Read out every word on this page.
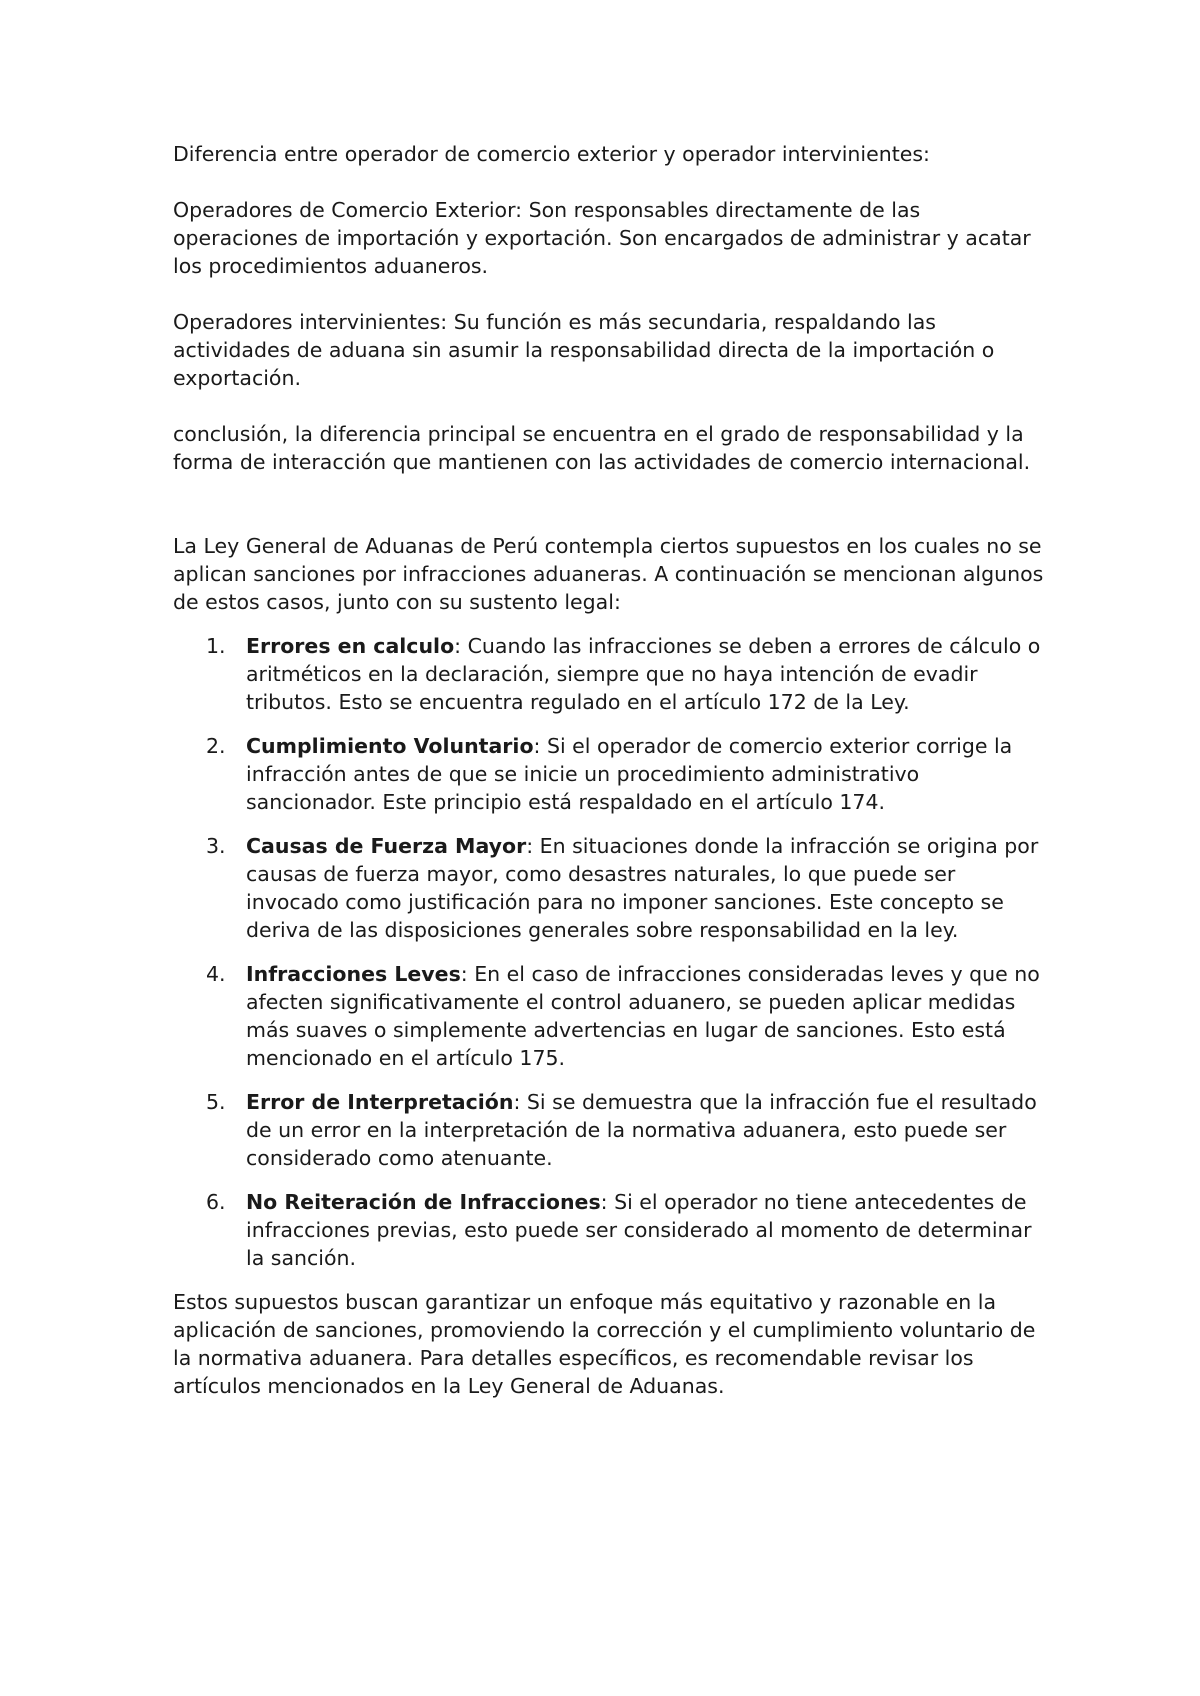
Diferencia entre operador de comercio exterior y operador intervinientes:

Operadores de Comercio Exterior: Son responsables directamente de las operaciones de importación y exportación. Son encargados de administrar y acatar los procedimientos aduaneros.

Operadores intervinientes: Su función es más secundaria, respaldando las actividades de aduana sin asumir la responsabilidad directa de la importación o exportación.

conclusión, la diferencia principal se encuentra en el grado de responsabilidad y la forma de interacción que mantienen con las actividades de comercio internacional.

La Ley General de Aduanas de Perú contempla ciertos supuestos en los cuales no se aplican sanciones por infracciones aduaneras. A continuación se mencionan algunos de estos casos, junto con su sustento legal:

1. Errores en calculo: Cuando las infracciones se deben a errores de cálculo o aritméticos en la declaración, siempre que no haya intención de evadir tributos. Esto se encuentra regulado en el artículo 172 de la Ley.
2. Cumplimiento Voluntario: Si el operador de comercio exterior corrige la infracción antes de que se inicie un procedimiento administrativo sancionador. Este principio está respaldado en el artículo 174.
3. Causas de Fuerza Mayor: En situaciones donde la infracción se origina por causas de fuerza mayor, como desastres naturales, lo que puede ser invocado como justificación para no imponer sanciones. Este concepto se deriva de las disposiciones generales sobre responsabilidad en la ley.
4. Infracciones Leves: En el caso de infracciones consideradas leves y que no afecten significativamente el control aduanero, se pueden aplicar medidas más suaves o simplemente advertencias en lugar de sanciones. Esto está mencionado en el artículo 175.
5. Error de Interpretación: Si se demuestra que la infracción fue el resultado de un error en la interpretación de la normativa aduanera, esto puede ser considerado como atenuante.
6. No Reiteración de Infracciones: Si el operador no tiene antecedentes de infracciones previas, esto puede ser considerado al momento de determinar la sanción.

Estos supuestos buscan garantizar un enfoque más equitativo y razonable en la aplicación de sanciones, promoviendo la corrección y el cumplimiento voluntario de la normativa aduanera. Para detalles específicos, es recomendable revisar los artículos mencionados en la Ley General de Aduanas.
